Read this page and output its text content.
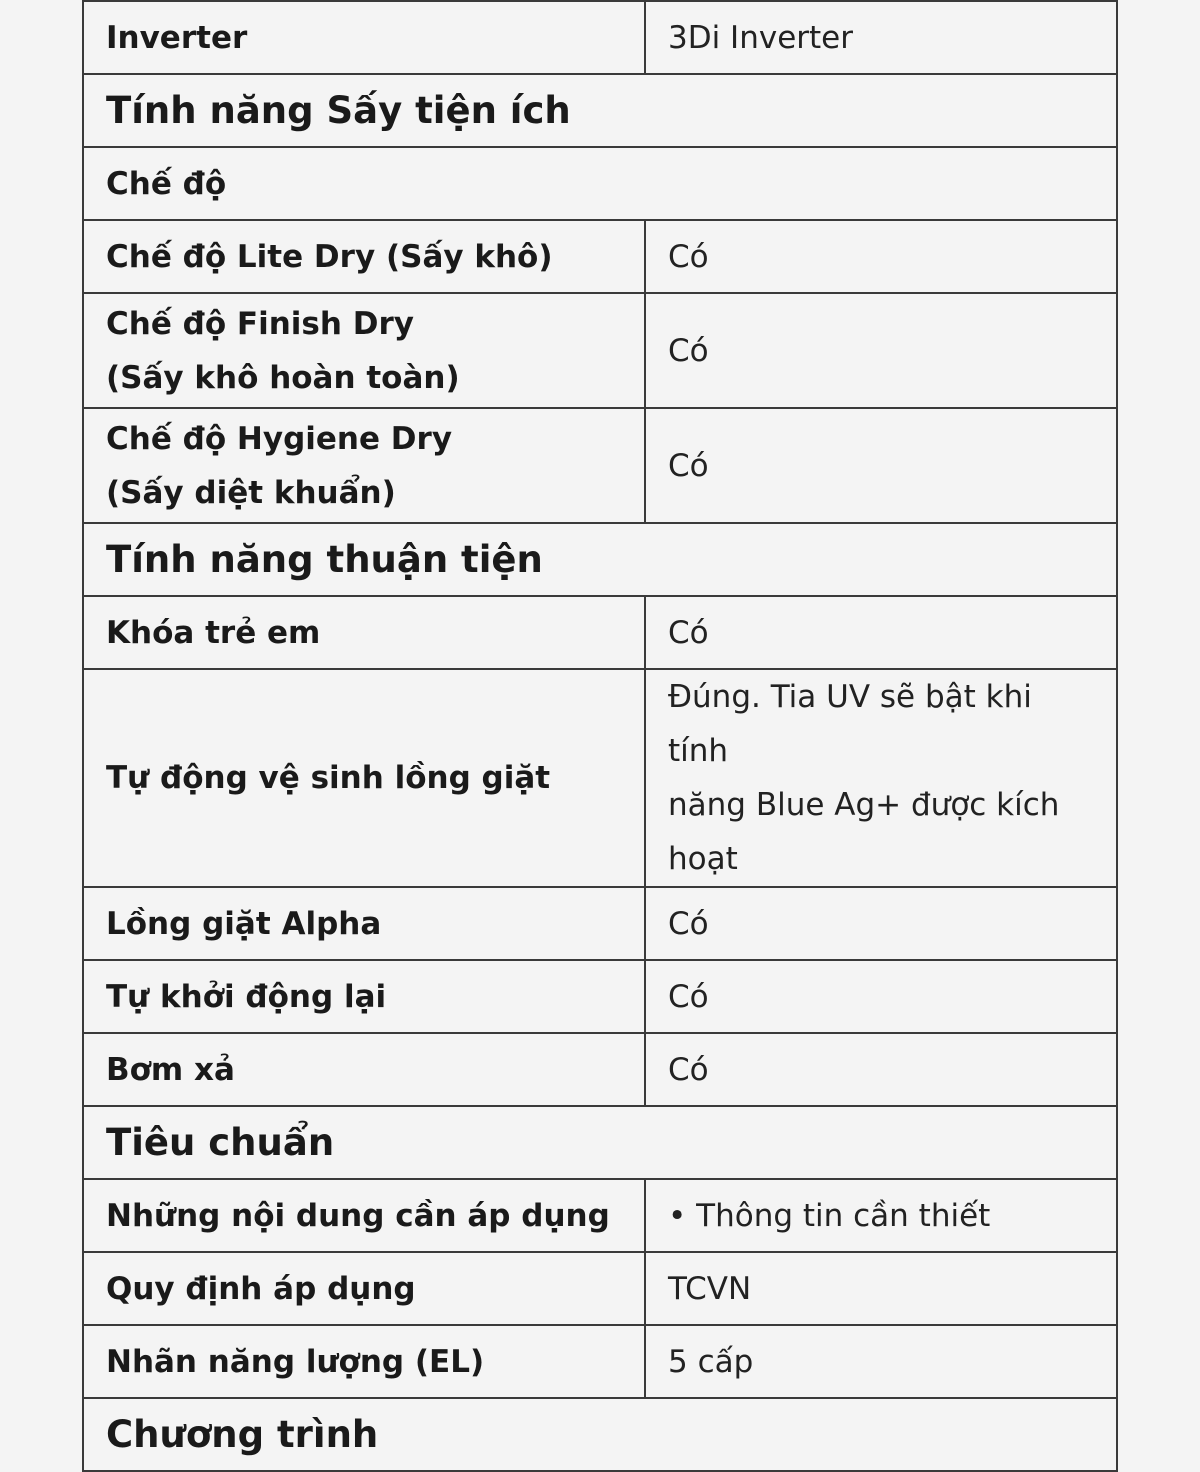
Inverter	3Di Inverter
Tính năng Sấy tiện ích	
Chế độ	
Chế độ Lite Dry (Sấy khô)	Có
Chế độ Finish Dry
(Sấy khô hoàn toàn)	Có
Chế độ Hygiene Dry
(Sấy diệt khuẩn)	Có
Tính năng thuận tiện	
Khóa trẻ em	Có
Tự động vệ sinh lồng giặt	Đúng. Tia UV sẽ bật khi tính
năng Blue Ag+ được kích hoạt
Lồng giặt Alpha	Có
Tự khởi động lại	Có
Bơm xả	Có
Tiêu chuẩn	
Những nội dung cần áp dụng	• Thông tin cần thiết
Quy định áp dụng	TCVN
Nhãn năng lượng (EL)	5 cấp
Chương trình	
